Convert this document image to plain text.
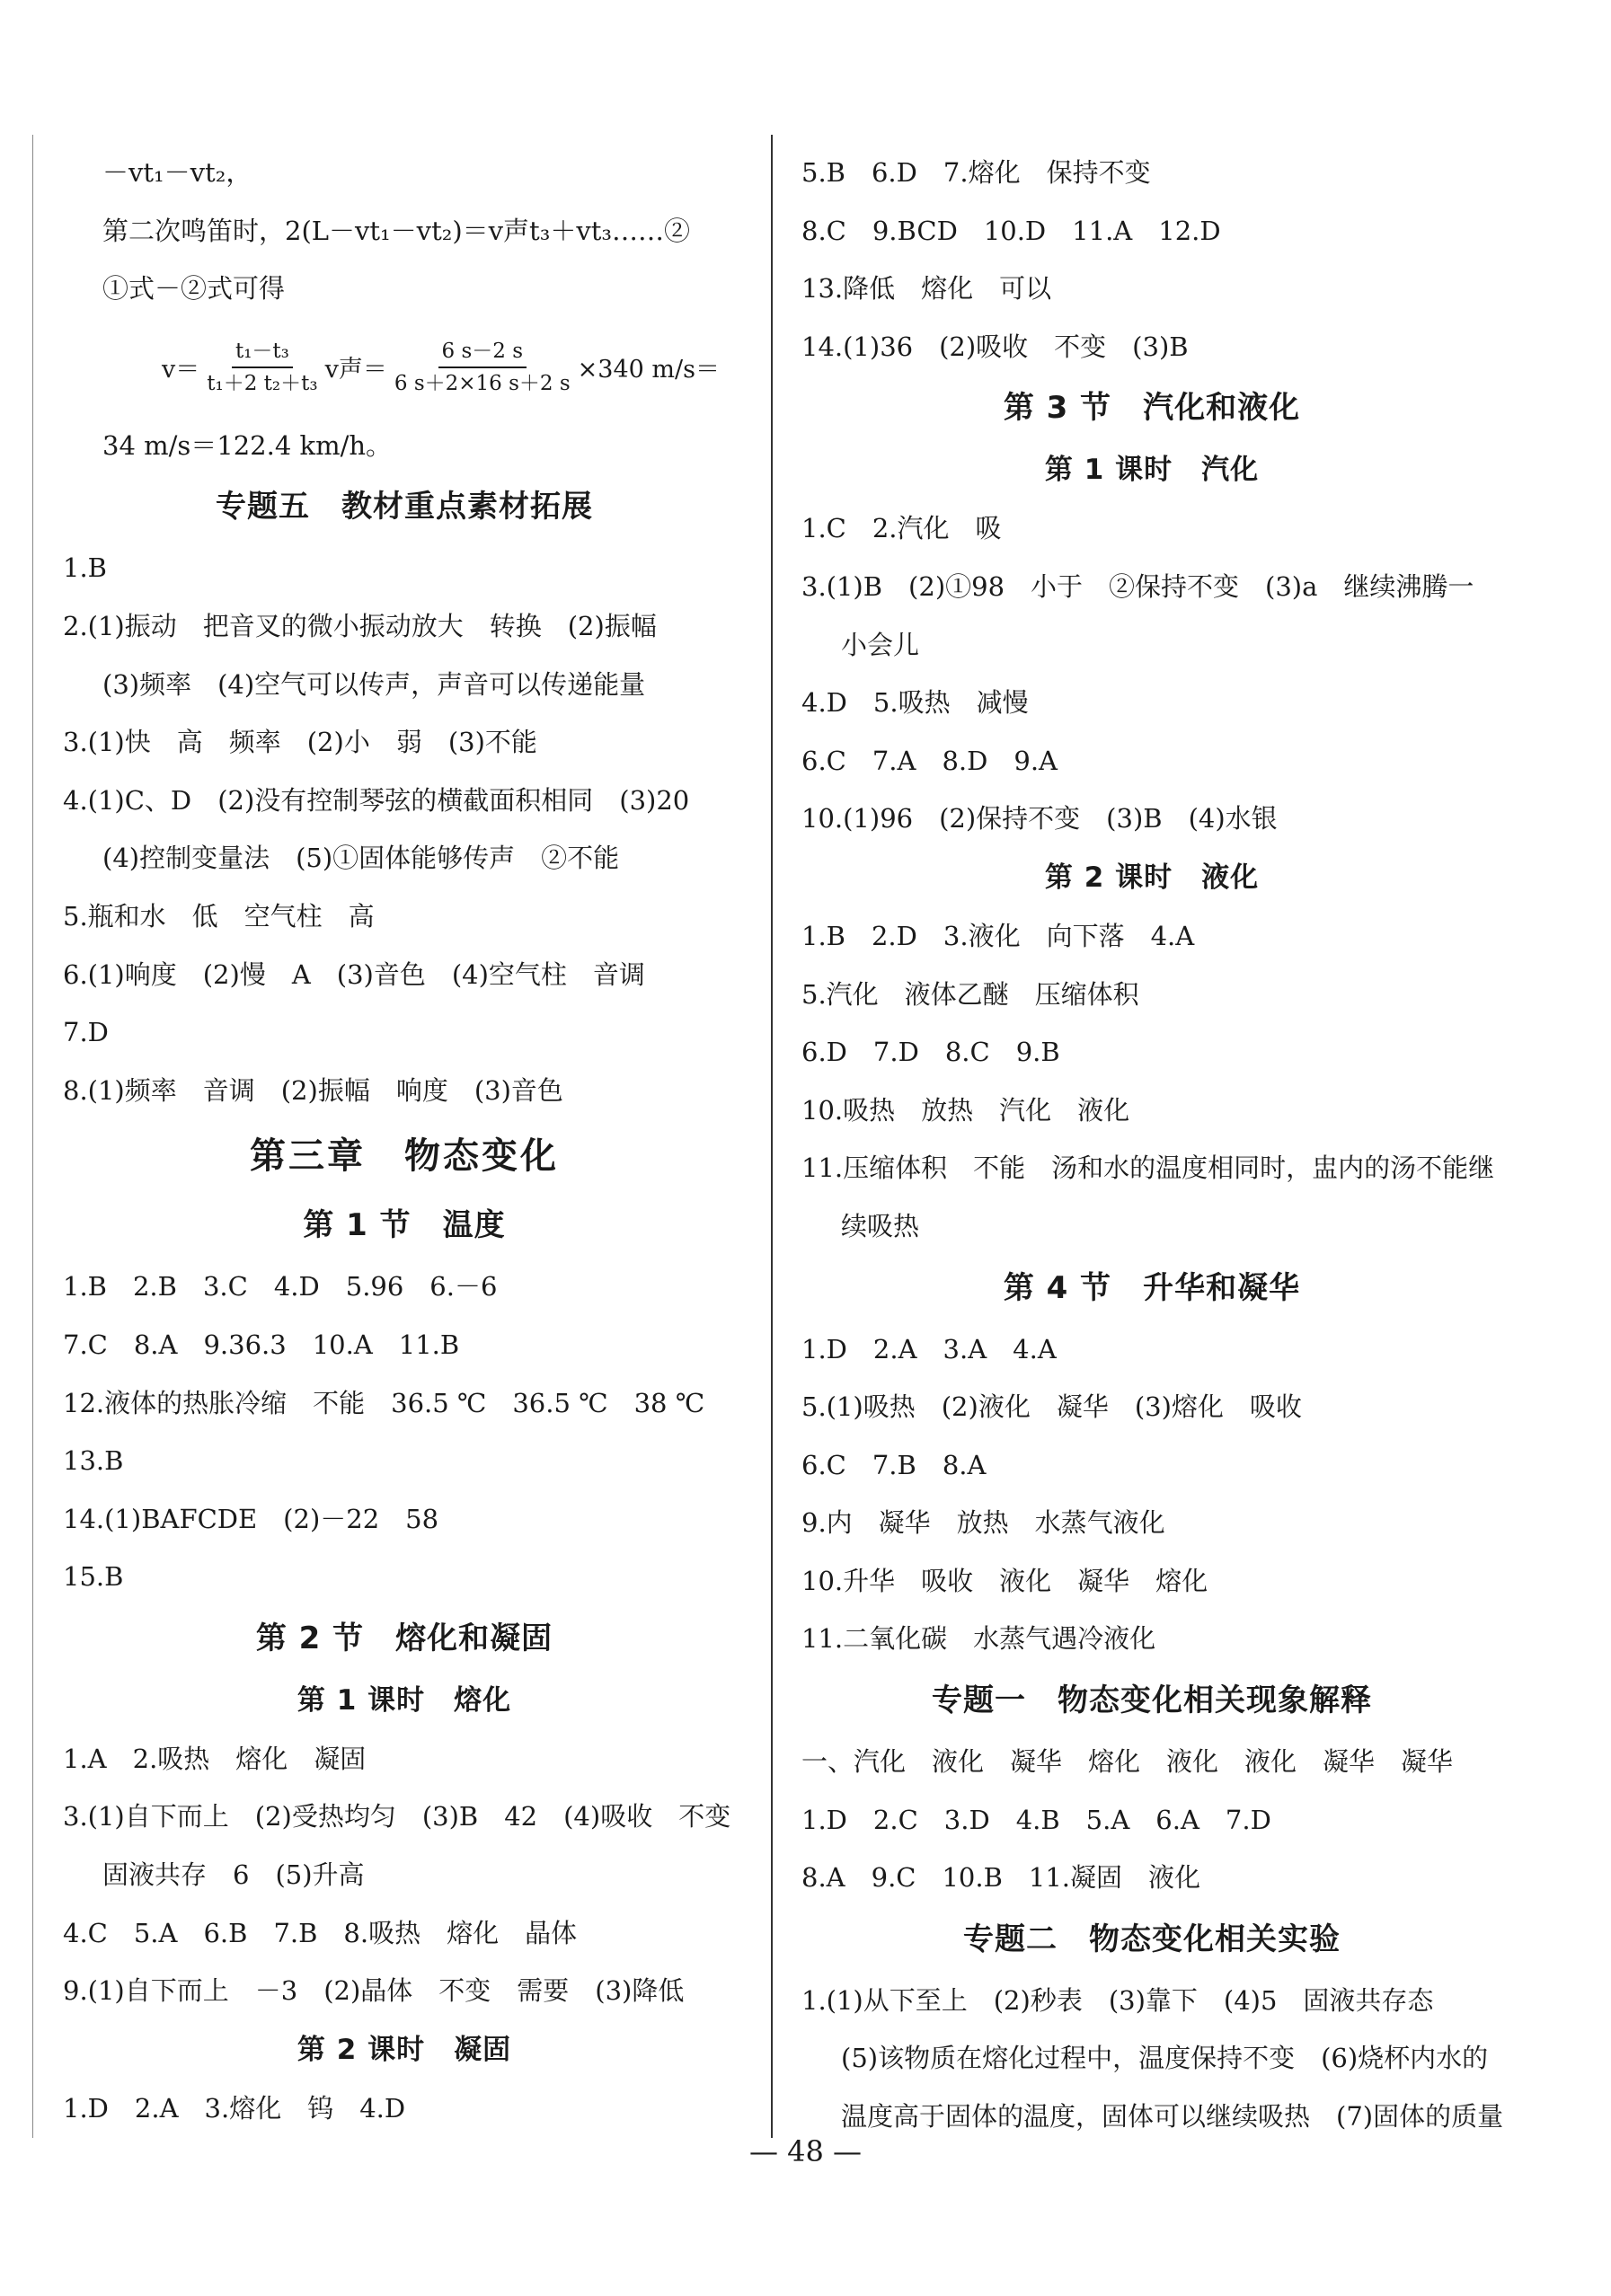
－vt₁－vt₂，
第二次鸣笛时，2(L－vt₁－vt₂)＝v声t₃＋vt₃……②
①式－②式可得
$v= \frac{\text{t₁－t₃}}{\text{t₁＋2 t₂＋t₃}}$ v声＝ $\frac{6 s-2 s}{6 s+2\times 16 s+2 s} \times 340$ m/s＝
34 m/s＝122.4 km/h。
专题五　教材重点素材拓展
1.B
2.(1)振动　把音叉的微小振动放大　转换　(2)振幅
(3)频率　(4)空气可以传声，声音可以传递能量
3.(1)快　高　频率　(2)小　弱　(3)不能
4.(1)C、D　(2)没有控制琴弦的横截面积相同　(3)20
(4)控制变量法　(5)①固体能够传声　②不能
5.瓶和水　低　空气柱　高
6.(1)响度　(2)慢　A　(3)音色　(4)空气柱　音调
7.D
8.(1)频率　音调　(2)振幅　响度　(3)音色
第三章　物态变化
第 1 节　温度
1.B　2.B　3.C　4.D　5.96　6.－6
7.C　8.A　9.36.3　10.A　11.B
12.液体的热胀冷缩　不能　36.5 ℃　36.5 ℃　38 ℃
13.B
14.(1)BAFCDE　(2)－22　58
15.B
第 2 节　熔化和凝固
第 1 课时　熔化
1.A　2.吸热　熔化　凝固
3.(1)自下而上　(2)受热均匀　(3)B　42　(4)吸收　不变
固液共存　6　(5)升高
4.C　5.A　6.B　7.B　8.吸热　熔化　晶体
9.(1)自下而上　－3　(2)晶体　不变　需要　(3)降低
第 2 课时　凝固
1.D　2.A　3.熔化　钨　4.D
5.B　6.D　7.熔化　保持不变
8.C　9.BCD　10.D　11.A　12.D
13.降低　熔化　可以
14.(1)36　(2)吸收　不变　(3)B
第 3 节　汽化和液化
第 1 课时　汽化
1.C　2.汽化　吸
3.(1)B　(2)①98　小于　②保持不变　(3)a　继续沸腾一
小会儿
4.D　5.吸热　减慢
6.C　7.A　8.D　9.A
10.(1)96　(2)保持不变　(3)B　(4)水银
第 2 课时　液化
1.B　2.D　3.液化　向下落　4.A
5.汽化　液体乙醚　压缩体积
6.D　7.D　8.C　9.B
10.吸热　放热　汽化　液化
11.压缩体积　不能　汤和水的温度相同时，盅内的汤不能继
续吸热
第 4 节　升华和凝华
1.D　2.A　3.A　4.A
5.(1)吸热　(2)液化　凝华　(3)熔化　吸收
6.C　7.B　8.A
9.内　凝华　放热　水蒸气液化
10.升华　吸收　液化　凝华　熔化
11.二氧化碳　水蒸气遇冷液化
专题一　物态变化相关现象解释
一、汽化　液化　凝华　熔化　液化　液化　凝华　凝华
1.D　2.C　3.D　4.B　5.A　6.A　7.D
8.A　9.C　10.B　11.凝固　液化
专题二　物态变化相关实验
1.(1)从下至上　(2)秒表　(3)靠下　(4)5　固液共存态
(5)该物质在熔化过程中，温度保持不变　(6)烧杯内水的
温度高于固体的温度，固体可以继续吸热　(7)固体的质量
— 48 —
